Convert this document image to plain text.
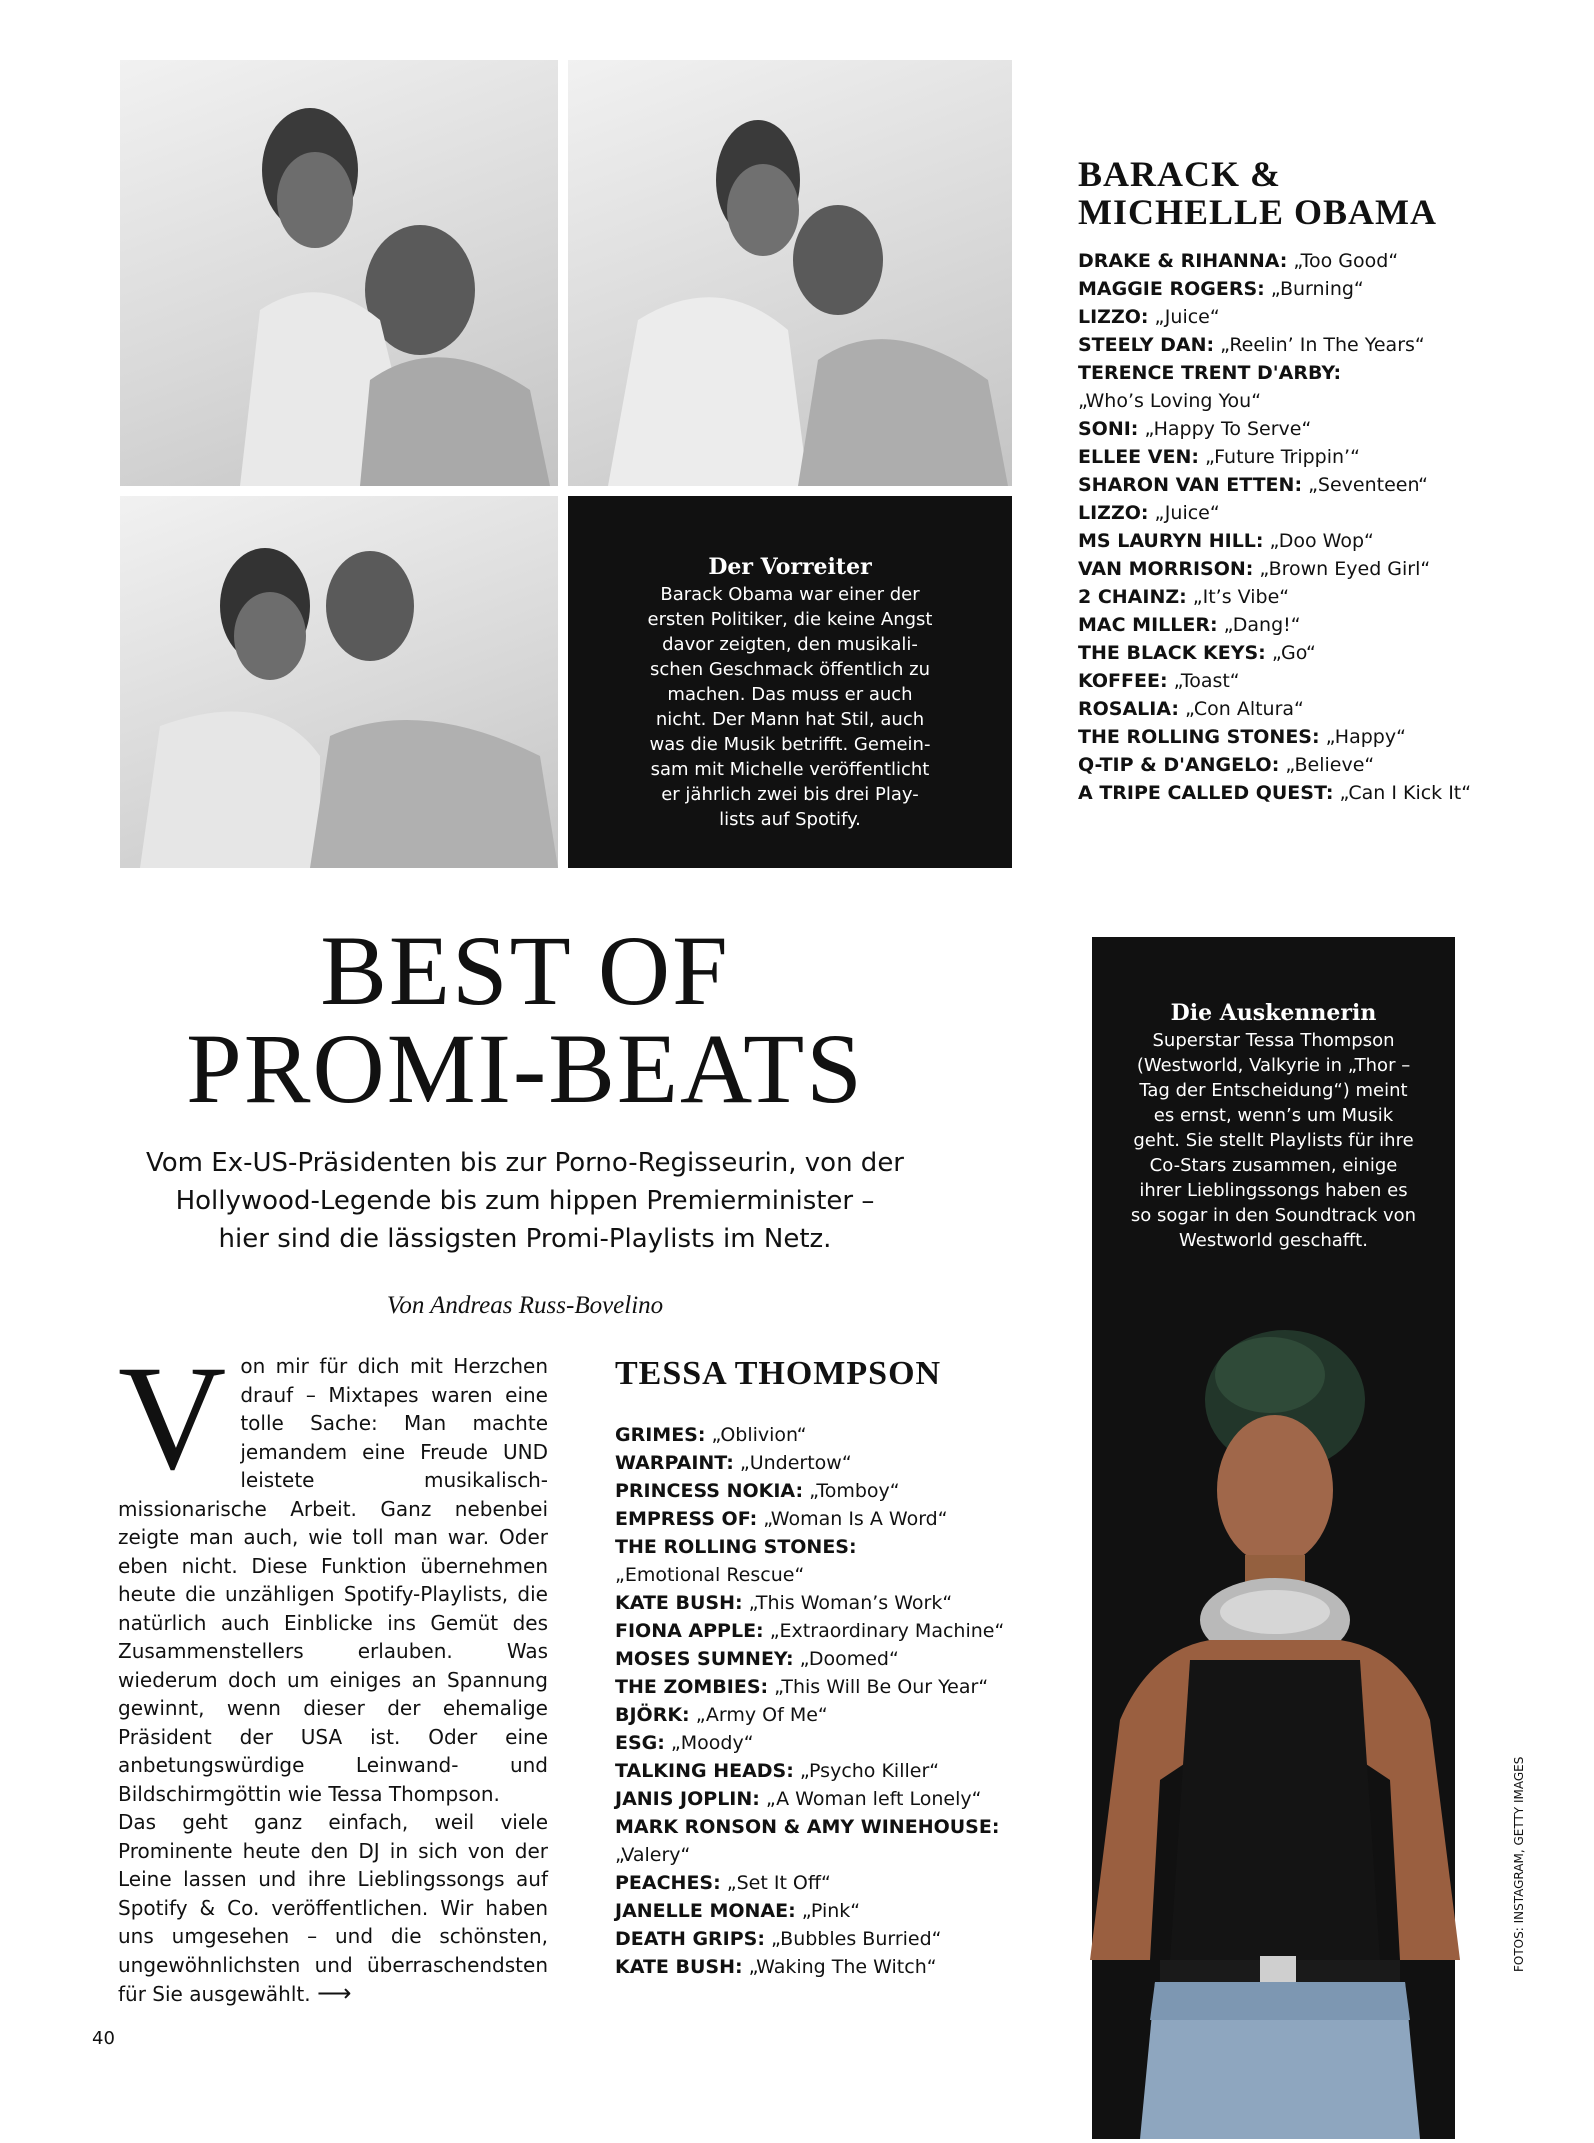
Der Vorreiter
Barack Obama war einer der
ersten Politiker, die keine Angst
davor zeigten, den musikali-
schen Geschmack öffentlich zu
machen. Das muss er auch
nicht. Der Mann hat Stil, auch
was die Musik betrifft. Gemein-
sam mit Michelle veröffentlicht
er jährlich zwei bis drei Play-
lists auf Spotify.
BARACK &
MICHELLE OBAMA
DRAKE & RIHANNA: „Too Good“
MAGGIE ROGERS: „Burning“
LIZZO: „Juice“
STEELY DAN: „Reelin’ In The Years“
TERENCE TRENT D'ARBY:
„Who’s Loving You“
SONI: „Happy To Serve“
ELLEE VEN: „Future Trippin’“
SHARON VAN ETTEN: „Seventeen“
LIZZO: „Juice“
MS LAURYN HILL: „Doo Wop“
VAN MORRISON: „Brown Eyed Girl“
2 CHAINZ: „It’s Vibe“
MAC MILLER: „Dang!“
THE BLACK KEYS: „Go“
KOFFEE: „Toast“
ROSALIA: „Con Altura“
THE ROLLING STONES: „Happy“
Q-TIP & D'ANGELO: „Believe“
A TRIPE CALLED QUEST: „Can I Kick It“
BEST OF
PROMI-BEATS
Vom Ex-US-Präsidenten bis zur Porno-Regisseurin, von der
Hollywood-Legende bis zum hippen Premierminister –
hier sind die lässigsten Promi-Playlists im Netz.
Von Andreas Russ-Bovelino
V on mir für dich mit Herzchen drauf – Mixtapes waren eine tolle Sache: Man machte jemandem eine Freude UND leistete musikalisch-missionarische Arbeit. Ganz nebenbei zeigte man auch, wie toll man war. Oder eben nicht. Diese Funktion übernehmen heute die unzähligen Spotify-Playlists, die natürlich auch Einblicke ins Gemüt des Zusammenstellers erlauben. Was wiederum doch um einiges an Spannung gewinnt, wenn dieser der ehemalige Präsident der USA ist. Oder eine anbetungswürdige Leinwand- und Bildschirmgöttin wie Tessa Thompson.
Das geht ganz einfach, weil viele Prominente heute den DJ in sich von der Leine lassen und ihre Lieblingssongs auf Spotify & Co. veröffentlichen. Wir haben uns umgesehen – und die schönsten, ungewöhnlichsten und überraschendsten für Sie ausgewählt. ⟶
TESSA THOMPSON
GRIMES: „Oblivion“
WARPAINT: „Undertow“
PRINCESS NOKIA: „Tomboy“
EMPRESS OF: „Woman Is A Word“
THE ROLLING STONES:
„Emotional Rescue“
KATE BUSH: „This Woman’s Work“
FIONA APPLE: „Extraordinary Machine“
MOSES SUMNEY: „Doomed“
THE ZOMBIES: „This Will Be Our Year“
BJÖRK: „Army Of Me“
ESG: „Moody“
TALKING HEADS: „Psycho Killer“
JANIS JOPLIN: „A Woman left Lonely“
MARK RONSON & AMY WINEHOUSE:
„Valery“
PEACHES: „Set It Off“
JANELLE MONAE: „Pink“
DEATH GRIPS: „Bubbles Burried“
KATE BUSH: „Waking The Witch“
Die Auskennerin
Superstar Tessa Thompson
(Westworld, Valkyrie in „Thor –
Tag der Entscheidung“) meint
es ernst, wenn’s um Musik
geht. Sie stellt Playlists für ihre
Co-Stars zusammen, einige
ihrer Lieblingssongs haben es
so sogar in den Soundtrack von
Westworld geschafft.
40
FOTOS: INSTAGRAM, GETTY IMAGES
